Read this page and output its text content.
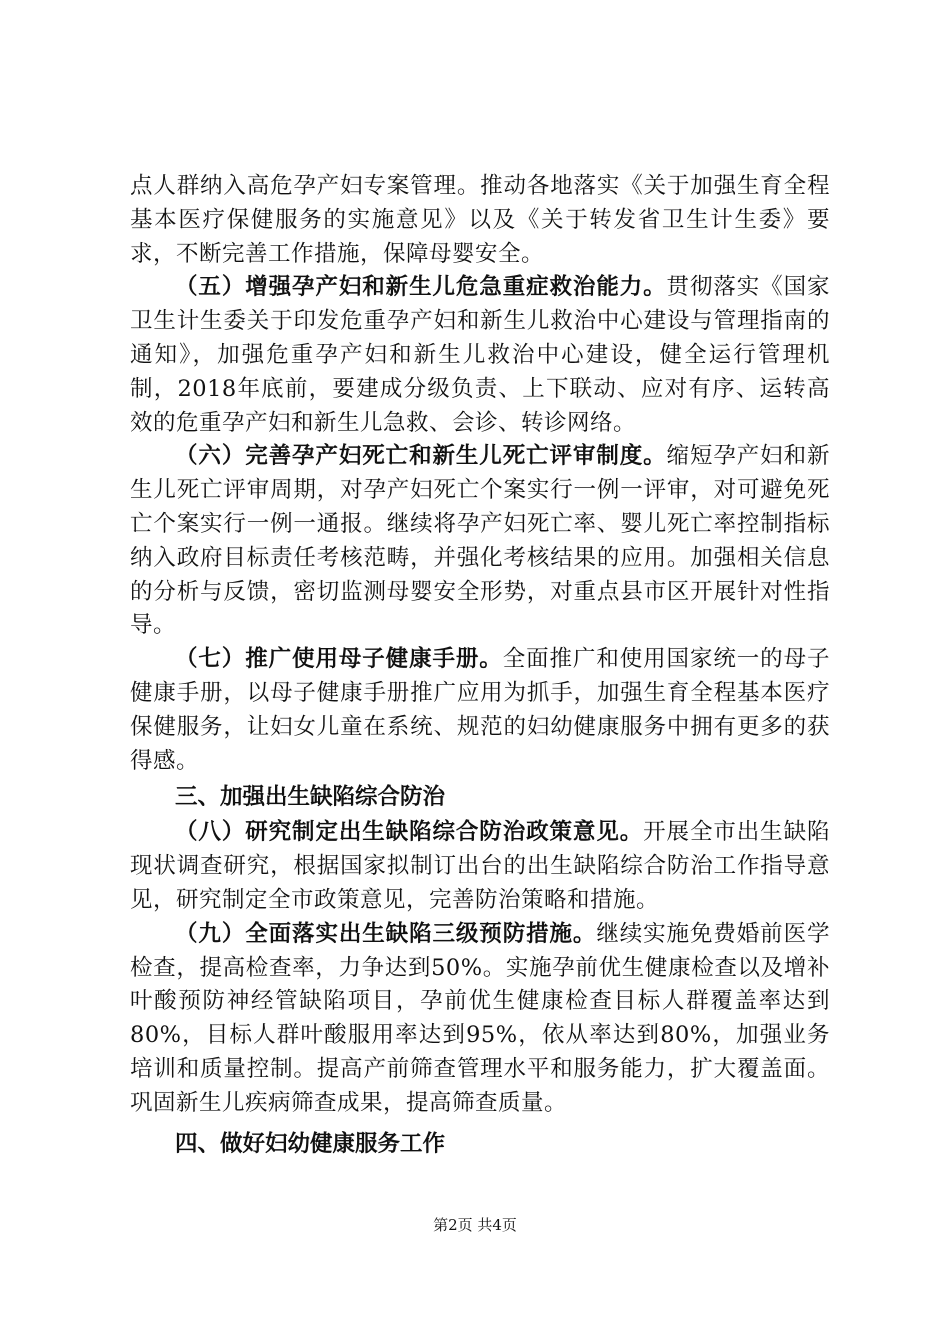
点人群纳入高危孕产妇专案管理。推动各地落实《关于加强生育全程基本医疗保健服务的实施意见》以及《关于转发省卫生计生委》要求，不断完善工作措施，保障母婴安全。

（五）增强孕产妇和新生儿危急重症救治能力。贯彻落实《国家卫生计生委关于印发危重孕产妇和新生儿救治中心建设与管理指南的通知》，加强危重孕产妇和新生儿救治中心建设，健全运行管理机制，2018年底前，要建成分级负责、上下联动、应对有序、运转高效的危重孕产妇和新生儿急救、会诊、转诊网络。

（六）完善孕产妇死亡和新生儿死亡评审制度。缩短孕产妇和新生儿死亡评审周期，对孕产妇死亡个案实行一例一评审，对可避免死亡个案实行一例一通报。继续将孕产妇死亡率、婴儿死亡率控制指标纳入政府目标责任考核范畴，并强化考核结果的应用。加强相关信息的分析与反馈，密切监测母婴安全形势，对重点县市区开展针对性指导。

（七）推广使用母子健康手册。全面推广和使用国家统一的母子健康手册，以母子健康手册推广应用为抓手，加强生育全程基本医疗保健服务，让妇女儿童在系统、规范的妇幼健康服务中拥有更多的获得感。

三、加强出生缺陷综合防治

（八）研究制定出生缺陷综合防治政策意见。开展全市出生缺陷现状调查研究，根据国家拟制订出台的出生缺陷综合防治工作指导意见，研究制定全市政策意见，完善防治策略和措施。

（九）全面落实出生缺陷三级预防措施。继续实施免费婚前医学检查，提高检查率，力争达到50%。实施孕前优生健康检查以及增补叶酸预防神经管缺陷项目，孕前优生健康检查目标人群覆盖率达到80%，目标人群叶酸服用率达到95%，依从率达到80%，加强业务培训和质量控制。提高产前筛查管理水平和服务能力，扩大覆盖面。巩固新生儿疾病筛查成果，提高筛查质量。

四、做好妇幼健康服务工作

第2页 共4页
